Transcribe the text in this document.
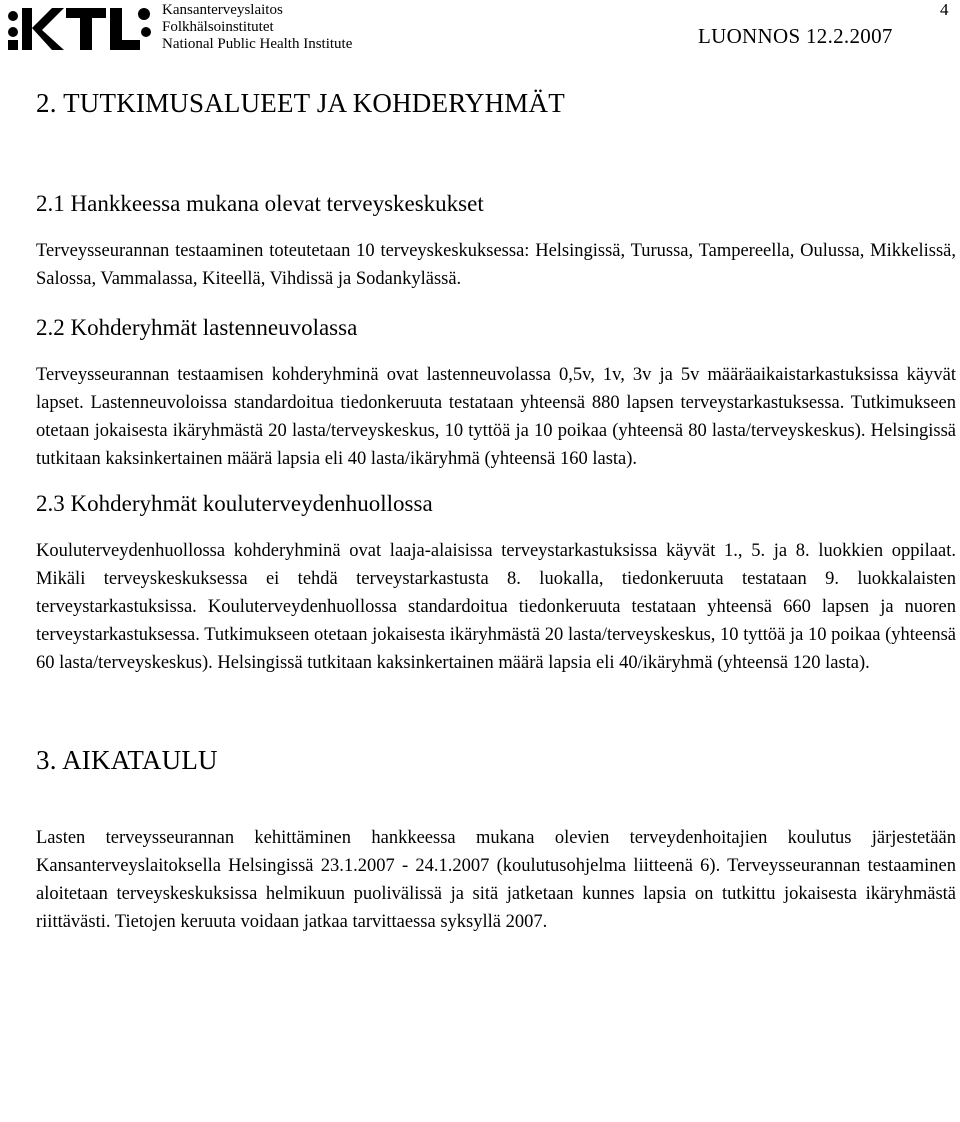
Kansanterveyslaitos
Folkhälsoinstitutet
National Public Health Institute	LUONNOS 12.2.2007
4
2. TUTKIMUSALUEET JA KOHDERYHMÄT
2.1 Hankkeessa mukana olevat terveyskeskukset

Terveysseurannan testaaminen toteutetaan 10 terveyskeskuksessa: Helsingissä, Turussa, Tampereella, Oulussa, Mikkelissä, Salossa, Vammalassa, Kiteellä, Vihdissä ja Sodankylässä.

2.2 Kohderyhmät lastenneuvolassa

Terveysseurannan testaamisen kohderyhminä ovat lastenneuvolassa 0,5v, 1v, 3v ja 5v määräaikaistarkastuksissa käyvät lapset. Lastenneuvoloissa standardoitua tiedonkeruuta testataan yhteensä 880 lapsen terveystarkastuksessa. Tutkimukseen otetaan jokaisesta ikäryhmästä 20 lasta/terveyskeskus, 10 tyttöä ja 10 poikaa (yhteensä 80 lasta/terveyskeskus). Helsingissä tutkitaan kaksinkertainen määrä lapsia eli 40 lasta/ikäryhmä (yhteensä 160 lasta).

2.3 Kohderyhmät kouluterveydenhuollossa

Kouluterveydenhuollossa kohderyhminä ovat laaja-alaisissa terveystarkastuksissa käyvät 1., 5. ja 8. luokkien oppilaat. Mikäli terveyskeskuksessa ei tehdä terveystarkastusta 8. luokalla, tiedonkeruuta testataan 9. luokkalaisten terveystarkastuksissa. Kouluterveydenhuollossa standardoitua tiedonkeruuta testataan yhteensä 660 lapsen ja nuoren terveystarkastuksessa. Tutkimukseen otetaan jokaisesta ikäryhmästä 20 lasta/terveyskeskus, 10 tyttöä ja 10 poikaa (yhteensä 60 lasta/terveyskeskus). Helsingissä tutkitaan kaksinkertainen määrä lapsia eli 40/ikäryhmä (yhteensä 120 lasta).

3. AIKATAULU

Lasten terveysseurannan kehittäminen hankkeessa mukana olevien terveydenhoitajien koulutus järjestetään Kansanterveyslaitoksella Helsingissä 23.1.2007 - 24.1.2007 (koulutusohjelma liitteenä 6). Terveysseurannan testaaminen aloitetaan terveyskeskuksissa helmikuun puolivälissä ja sitä jatketaan kunnes lapsia on tutkittu jokaisesta ikäryhmästä riittävästi. Tietojen keruuta voidaan jatkaa tarvittaessa syksyllä 2007.
